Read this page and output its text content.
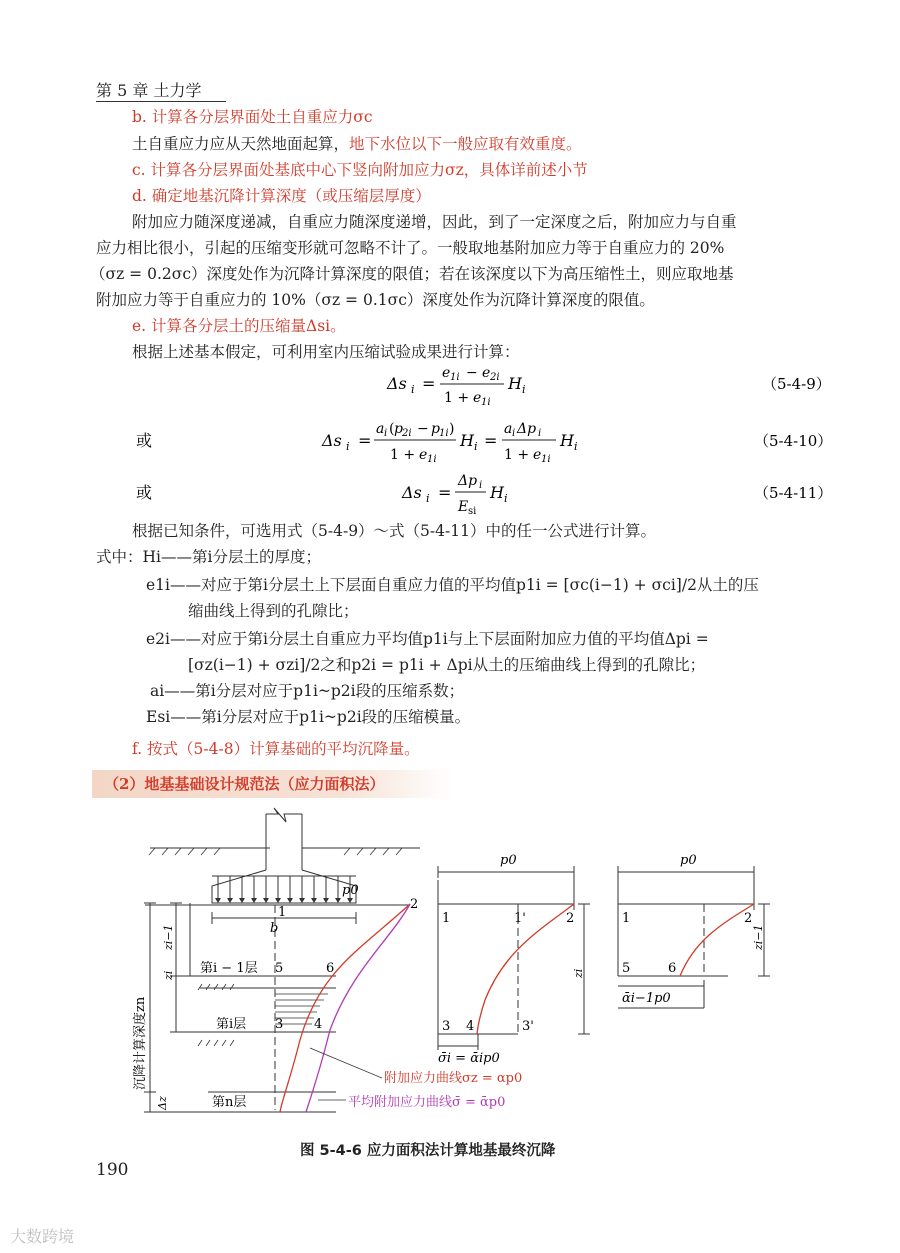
第 5 章 土力学
b. 计算各分层界面处土自重应力σc
土自重应力应从天然地面起算，地下水位以下一般应取有效重度。
c. 计算各分层界面处基底中心下竖向附加应力σz，具体详前述小节
d. 确定地基沉降计算深度（或压缩层厚度）
附加应力随深度递减，自重应力随深度递增，因此，到了一定深度之后，附加应力与自重
应力相比很小，引起的压缩变形就可忽略不计了。一般取地基附加应力等于自重应力的 20%
（σz = 0.2σc）深度处作为沉降计算深度的限值；若在该深度以下为高压缩性土，则应取地基
附加应力等于自重应力的 10%（σz = 0.1σc）深度处作为沉降计算深度的限值。
e. 计算各分层土的压缩量Δsi。
根据上述基本假定，可利用室内压缩试验成果进行计算：
Δs i =
e 1i − e 2i
1 + e 1i
H i	（5-4-9）
或	Δs i =
a i ( p 2i − p 1i )
1 + e 1i
H i =
a i Δp i
1 + e 1i
H i	（5-4-10）
或	Δs i =
Δp i
E si
H i	（5-4-11）
根据已知条件，可选用式（5-4-9）～式（5-4-11）中的任一公式进行计算。
式中：Hi——第i分层土的厚度；
e1i——对应于第i分层土上下层面自重应力值的平均值p1i = [σc(i−1) + σci]/2从土的压
缩曲线上得到的孔隙比；
e2i——对应于第i分层土自重应力平均值p1i与上下层面附加应力值的平均值Δpi =
[σz(i−1) + σzi]/2之和p2i = p1i + Δpi从土的压缩曲线上得到的孔隙比；
ai——第i分层对应于p1i~p2i段的压缩系数；
Esi——第i分层对应于p1i~p2i段的压缩模量。
f. 按式（5-4-8）计算基础的平均沉降量。
（2）地基基础设计规范法（应力面积法）
p0
p0	p0
b
2
1
5	6
3 4
第i − 1层
第i层
第n层
1	1'	2
3 4	3'
1	2
5	6
σ̄i = ᾱip0
ᾱi−1p0
附加应力曲线σz = αp0
平均附加应力曲线σ̄ = ᾱp0
沉降计算深度zn
zi−1
zi
Δz
zi
zi−1
图 5-4-6 应力面积法计算地基最终沉降
190
大数跨境
